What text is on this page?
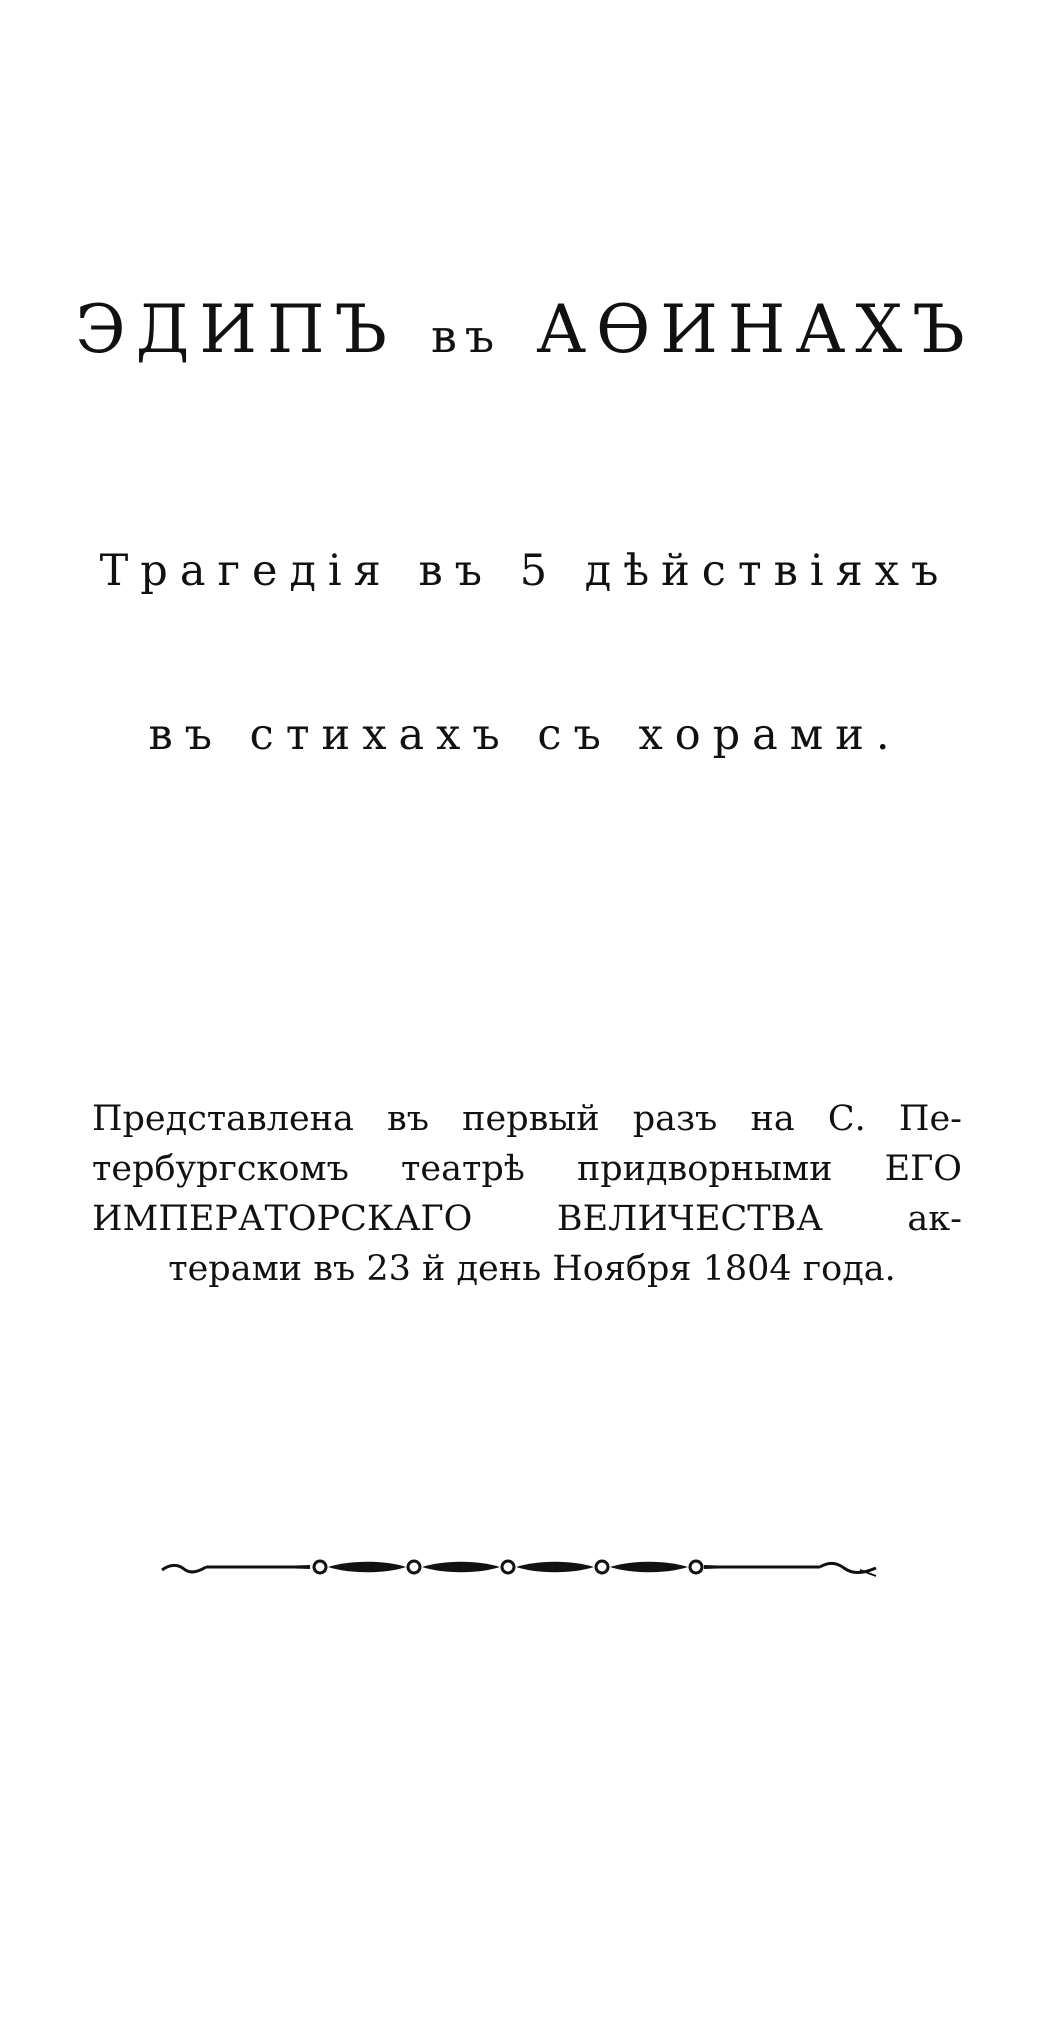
ЭДИПЪ въ АѲИНАХЪ
Трагедія въ 5 дѣйствіяхъ
въ стихахъ съ хорами.
Представлена въ первый разъ на С. Пе-
тербургскомъ театрѣ придворными ЕГО
ИМПЕРАТОРСКАГО ВЕЛИЧЕСТВА ак-
терами въ 23 й день Ноября 1804 года.
